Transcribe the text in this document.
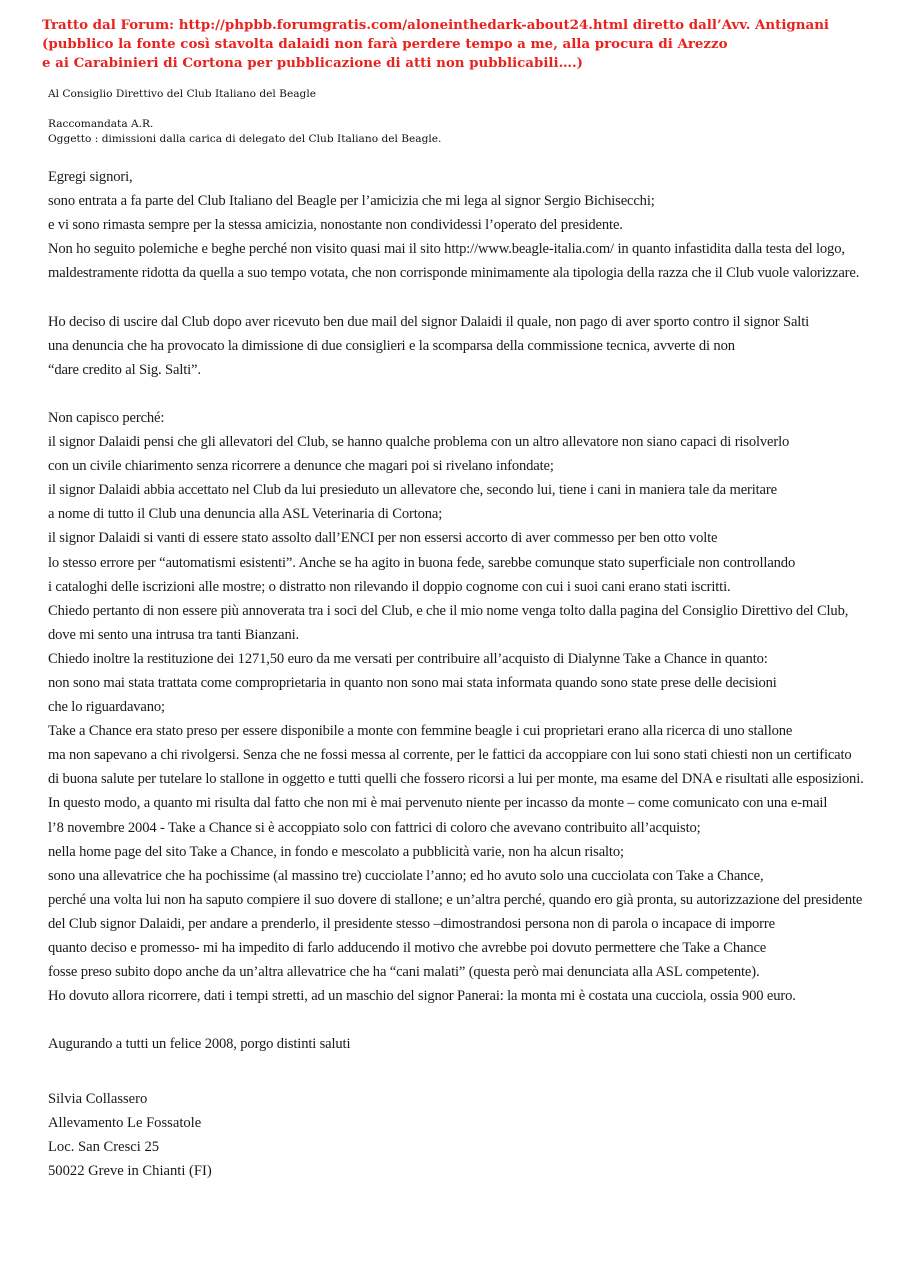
Tratto dal Forum: http://phpbb.forumgratis.com/aloneinthedark-about24.html diretto dall’Avv. Antignani
(pubblico la fonte così stavolta dalaidi non farà perdere tempo a me, alla procura di Arezzo
e ai Carabinieri di Cortona per pubblicazione di atti non pubblicabili….)
Al Consiglio Direttivo del Club Italiano del Beagle
Raccomandata A.R.
Oggetto : dimissioni dalla carica di delegato del Club Italiano del Beagle.
Egregi signori,
sono entrata a fa parte del Club Italiano del Beagle per l’amicizia che mi lega al signor Sergio Bichisecchi;
e vi sono rimasta sempre per la stessa amicizia, nonostante non condividessi l’operato del presidente.
Non ho seguito polemiche e beghe perché non visito quasi mai il sito http://www.beagle-italia.com/ in quanto infastidita dalla testa del logo,
maldestramente ridotta da quella a suo tempo votata, che non corrisponde minimamente ala tipologia della razza che il Club vuole valorizzare.
Ho deciso di uscire dal Club dopo aver ricevuto ben due mail del signor Dalaidi il quale, non pago di aver sporto contro il signor Salti
una denuncia che ha provocato la dimissione di due consiglieri e la scomparsa della commissione tecnica, avverte di non
“dare credito al Sig. Salti”.
Non capisco perché:
il signor Dalaidi pensi che gli allevatori del Club, se hanno qualche problema con un altro allevatore non siano capaci di risolverlo
con un civile chiarimento senza ricorrere a denunce che magari poi si rivelano infondate;
il signor Dalaidi abbia accettato nel Club da lui presieduto un allevatore che, secondo lui, tiene i cani in maniera tale da meritare
a nome di tutto il Club una denuncia alla ASL Veterinaria di Cortona;
il signor Dalaidi si vanti di essere stato assolto dall’ENCI per non essersi accorto di aver commesso per ben otto volte
lo stesso errore per “automatismi esistenti”. Anche se ha agito in buona fede, sarebbe comunque stato superficiale non controllando
i cataloghi delle iscrizioni alle mostre; o distratto non rilevando il doppio cognome con cui i suoi cani erano stati iscritti.
Chiedo pertanto di non essere più annoverata tra i soci del Club, e che il mio nome venga tolto dalla pagina del Consiglio Direttivo del Club,
dove mi sento una intrusa tra tanti Bianzani.
Chiedo inoltre la restituzione dei 1271,50 euro da me versati per contribuire all’acquisto di Dialynne Take a Chance in quanto:
non sono mai stata trattata come comproprietaria in quanto non sono mai stata informata quando sono state prese delle decisioni
che lo riguardavano;
Take a Chance era stato preso per essere disponibile a monte con femmine beagle i cui proprietari erano alla ricerca di uno stallone
ma non sapevano a chi rivolgersi. Senza che ne fossi messa al corrente, per le fattici da accoppiare con lui sono stati chiesti non un certificato
di buona salute per tutelare lo stallone in oggetto e tutti quelli che fossero ricorsi a lui per monte, ma esame del DNA e risultati alle esposizioni.
In questo modo, a quanto mi risulta dal fatto che non mi è mai pervenuto niente per incasso da monte – come comunicato con una e-mail
l’8 novembre 2004 - Take a Chance si è accoppiato solo con fattrici di coloro che avevano contribuito all’acquisto;
nella home page del sito Take a Chance, in fondo e mescolato a pubblicità varie, non ha alcun risalto;
sono una allevatrice che ha pochissime (al massino tre) cucciolate l’anno; ed ho avuto solo una cucciolata con Take a Chance,
perché una volta lui non ha saputo compiere il suo dovere di stallone; e un’altra perché, quando ero già pronta, su autorizzazione del presidente
del Club signor Dalaidi, per andare a prenderlo, il presidente stesso –dimostrandosi persona non di parola o incapace di imporre
quanto deciso e promesso- mi ha impedito di farlo adducendo il motivo che avrebbe poi dovuto permettere che Take a Chance
fosse preso subito dopo anche da un’altra allevatrice che ha “cani malati” (questa però mai denunciata alla ASL competente).
Ho dovuto allora ricorrere, dati i tempi stretti, ad un maschio del signor Panerai: la monta mi è costata una cucciola, ossia 900 euro.
Augurando a tutti un felice 2008, porgo distinti saluti
Silvia Collassero
Allevamento Le Fossatole
Loc. San Cresci 25
50022 Greve in Chianti (FI)
